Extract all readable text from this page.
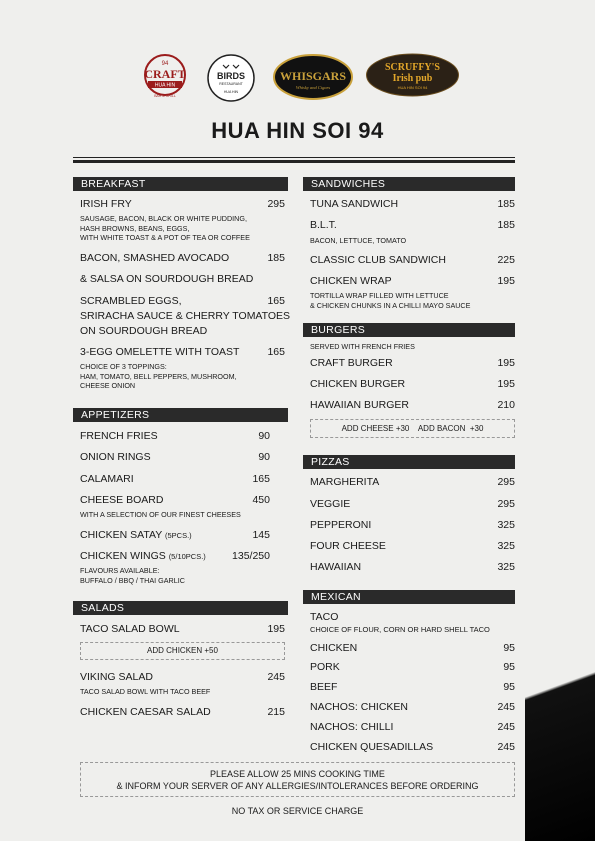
94
CRAFT
HUA HIN
BAR & GRILL
BIRDS
RESTAURANT
HUA HIN
WHISGARS
Whisky and Cigars
SCRUFFY'S
Irish pub
HUA HIN SOI 94
HUA HIN SOI 94
BREAKFAST
IRISH FRY	295
SAUSAGE, BACON, BLACK OR WHITE PUDDING,
HASH BROWNS, BEANS, EGGS,
WITH WHITE TOAST & A POT OF TEA OR COFFEE
BACON, SMASHED AVOCADO	185
& SALSA ON SOURDOUGH BREAD
SCRAMBLED EGGS,	165
SRIRACHA SAUCE & CHERRY TOMATOES
ON SOURDOUGH BREAD
3-EGG OMELETTE WITH TOAST	165
CHOICE OF 3 TOPPINGS:
HAM, TOMATO, BELL PEPPERS, MUSHROOM,
CHEESE ONION
APPETIZERS
FRENCH FRIES	90
ONION RINGS	90
CALAMARI	165
CHEESE BOARD	450
WITH A SELECTION OF OUR FINEST CHEESES
CHICKEN SATAY (5PCS.)	145
CHICKEN WINGS (5/10PCS.)	135/250
FLAVOURS AVAILABLE:
BUFFALO / BBQ / THAI GARLIC
SALADS
TACO SALAD BOWL	195
ADD CHICKEN +50
VIKING SALAD	245
TACO SALAD BOWL WITH TACO BEEF
CHICKEN CAESAR SALAD	215
SANDWICHES
TUNA SANDWICH	185
B.L.T.	185
BACON, LETTUCE, TOMATO
CLASSIC CLUB SANDWICH	225
CHICKEN WRAP	195
TORTILLA WRAP FILLED WITH LETTUCE
& CHICKEN CHUNKS IN A CHILLI MAYO SAUCE
BURGERS
SERVED WITH FRENCH FRIES
CRAFT BURGER	195
CHICKEN BURGER	195
HAWAIIAN BURGER	210
ADD CHEESE +30    ADD BACON  +30
PIZZAS
MARGHERITA	295
VEGGIE	295
PEPPERONI	325
FOUR CHEESE	325
HAWAIIAN	325
MEXICAN
TACO
CHOICE OF FLOUR, CORN OR HARD SHELL TACO
CHICKEN	95
PORK	95
BEEF	95
NACHOS: CHICKEN	245
NACHOS: CHILLI	245
CHICKEN QUESADILLAS	245
PLEASE ALLOW 25 MINS COOKING TIME
& INFORM YOUR SERVER OF ANY ALLERGIES/INTOLERANCES BEFORE ORDERING
NO TAX OR SERVICE CHARGE
